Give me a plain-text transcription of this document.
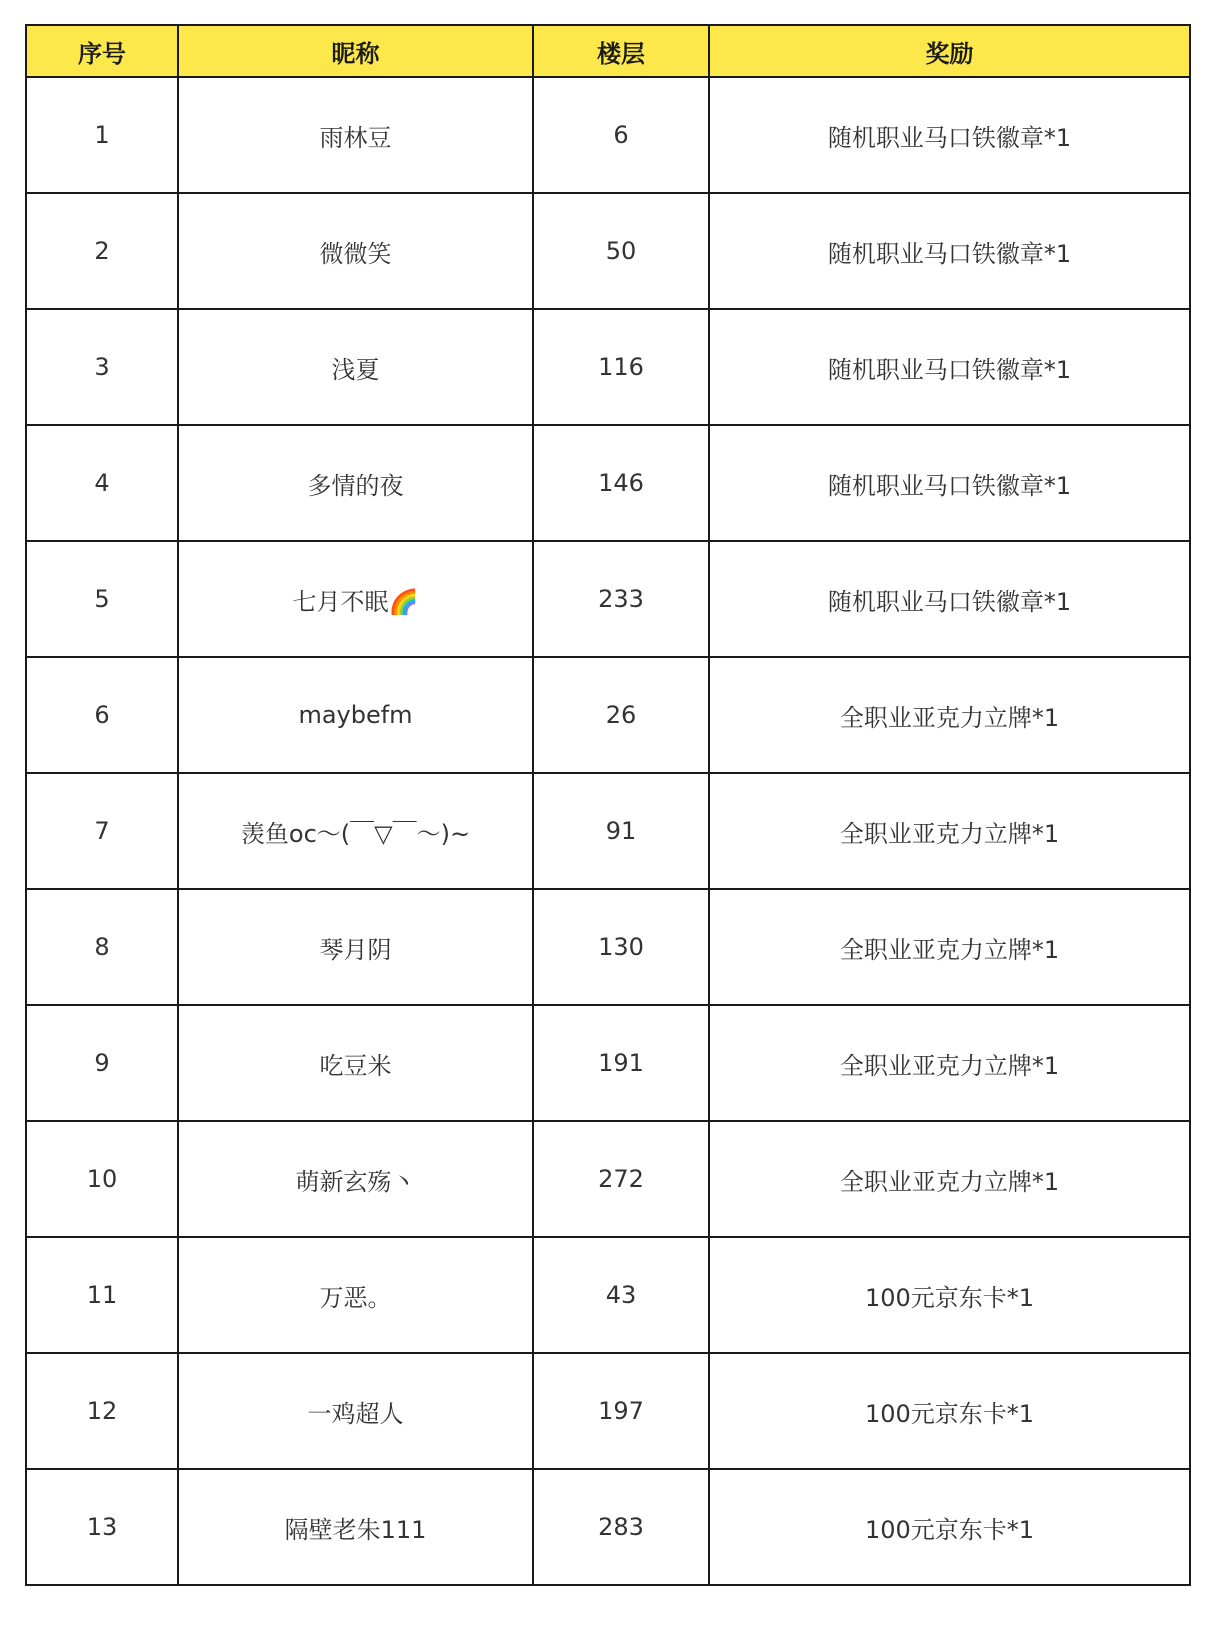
序号	昵称	楼层	奖励
1	雨林豆	6	随机职业马口铁徽章*1
2	微微笑	50	随机职业马口铁徽章*1
3	浅夏	116	随机职业马口铁徽章*1
4	多情的夜	146	随机职业马口铁徽章*1
5	七月不眠🌈	233	随机职业马口铁徽章*1
6	maybefm	26	全职业亚克力立牌*1
7	羡鱼oc～(￣▽￣～)~	91	全职业亚克力立牌*1
8	琴月阴	130	全职业亚克力立牌*1
9	吃豆米	191	全职业亚克力立牌*1
10	萌新玄殇丶	272	全职业亚克力立牌*1
11	万恶。	43	100元京东卡*1
12	一鸡超人	197	100元京东卡*1
13	隔壁老朱111	283	100元京东卡*1
